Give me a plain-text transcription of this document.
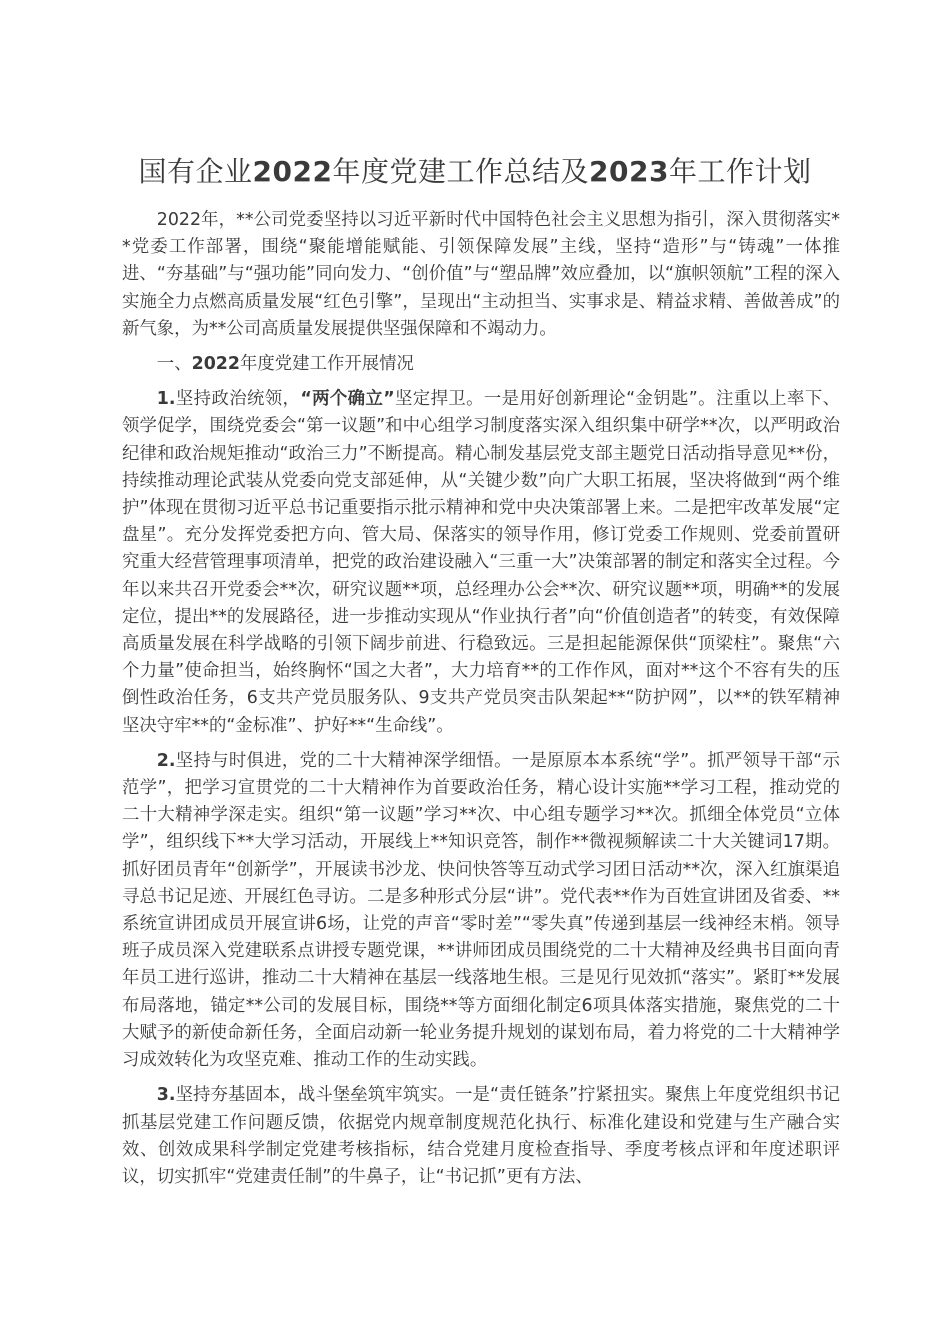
国有企业2022年度党建工作总结及2023年工作计划

2022年，**公司党委坚持以习近平新时代中国特色社会主义思想为指引，深入贯彻落实**党委工作部署，围绕“聚能增能赋能、引领保障发展”主线，坚持“造形”与“铸魂”一体推进、“夯基础”与“强功能”同向发力、“创价值”与“塑品牌”效应叠加，以“旗帜领航”工程的深入实施全力点燃高质量发展“红色引擎”，呈现出“主动担当、实事求是、精益求精、善做善成”的新气象，为**公司高质量发展提供坚强保障和不竭动力。

一、2022年度党建工作开展情况

1.坚持政治统领，“两个确立”坚定捍卫。一是用好创新理论“金钥匙”。注重以上率下、领学促学，围绕党委会“第一议题”和中心组学习制度落实深入组织集中研学**次，以严明政治纪律和政治规矩推动“政治三力”不断提高。精心制发基层党支部主题党日活动指导意见**份，持续推动理论武装从党委向党支部延伸，从“关键少数”向广大职工拓展，坚决将做到“两个维护”体现在贯彻习近平总书记重要指示批示精神和党中央决策部署上来。二是把牢改革发展“定盘星”。充分发挥党委把方向、管大局、保落实的领导作用，修订党委工作规则、党委前置研究重大经营管理事项清单，把党的政治建设融入“三重一大”决策部署的制定和落实全过程。今年以来共召开党委会**次，研究议题**项，总经理办公会**次、研究议题**项，明确**的发展定位，提出**的发展路径，进一步推动实现从“作业执行者”向“价值创造者”的转变，有效保障高质量发展在科学战略的引领下阔步前进、行稳致远。三是担起能源保供“顶梁柱”。聚焦“六个力量”使命担当，始终胸怀“国之大者”，大力培育**的工作作风，面对**这个不容有失的压倒性政治任务，6支共产党员服务队、9支共产党员突击队架起**“防护网”，以**的铁军精神坚决守牢**的“金标准”、护好**“生命线”。

2.坚持与时俱进，党的二十大精神深学细悟。一是原原本本系统“学”。抓严领导干部“示范学”，把学习宣贯党的二十大精神作为首要政治任务，精心设计实施**学习工程，推动党的二十大精神学深走实。组织“第一议题”学习**次、中心组专题学习**次。抓细全体党员“立体学”，组织线下**大学习活动，开展线上**知识竞答，制作**微视频解读二十大关键词17期。抓好团员青年“创新学”，开展读书沙龙、快问快答等互动式学习团日活动**次，深入红旗渠追寻总书记足迹、开展红色寻访。二是多种形式分层“讲”。党代表**作为百姓宣讲团及省委、**系统宣讲团成员开展宣讲6场，让党的声音“零时差”“零失真”传递到基层一线神经末梢。领导班子成员深入党建联系点讲授专题党课，**讲师团成员围绕党的二十大精神及经典书目面向青年员工进行巡讲，推动二十大精神在基层一线落地生根。三是见行见效抓“落实”。紧盯**发展布局落地，锚定**公司的发展目标，围绕**等方面细化制定6项具体落实措施，聚焦党的二十大赋予的新使命新任务，全面启动新一轮业务提升规划的谋划布局，着力将党的二十大精神学习成效转化为攻坚克难、推动工作的生动实践。

3.坚持夯基固本，战斗堡垒筑牢筑实。一是“责任链条”拧紧扭实。聚焦上年度党组织书记抓基层党建工作问题反馈，依据党内规章制度规范化执行、标准化建设和党建与生产融合实效、创效成果科学制定党建考核指标，结合党建月度检查指导、季度考核点评和年度述职评议，切实抓牢“党建责任制”的牛鼻子，让“书记抓”更有方法、
